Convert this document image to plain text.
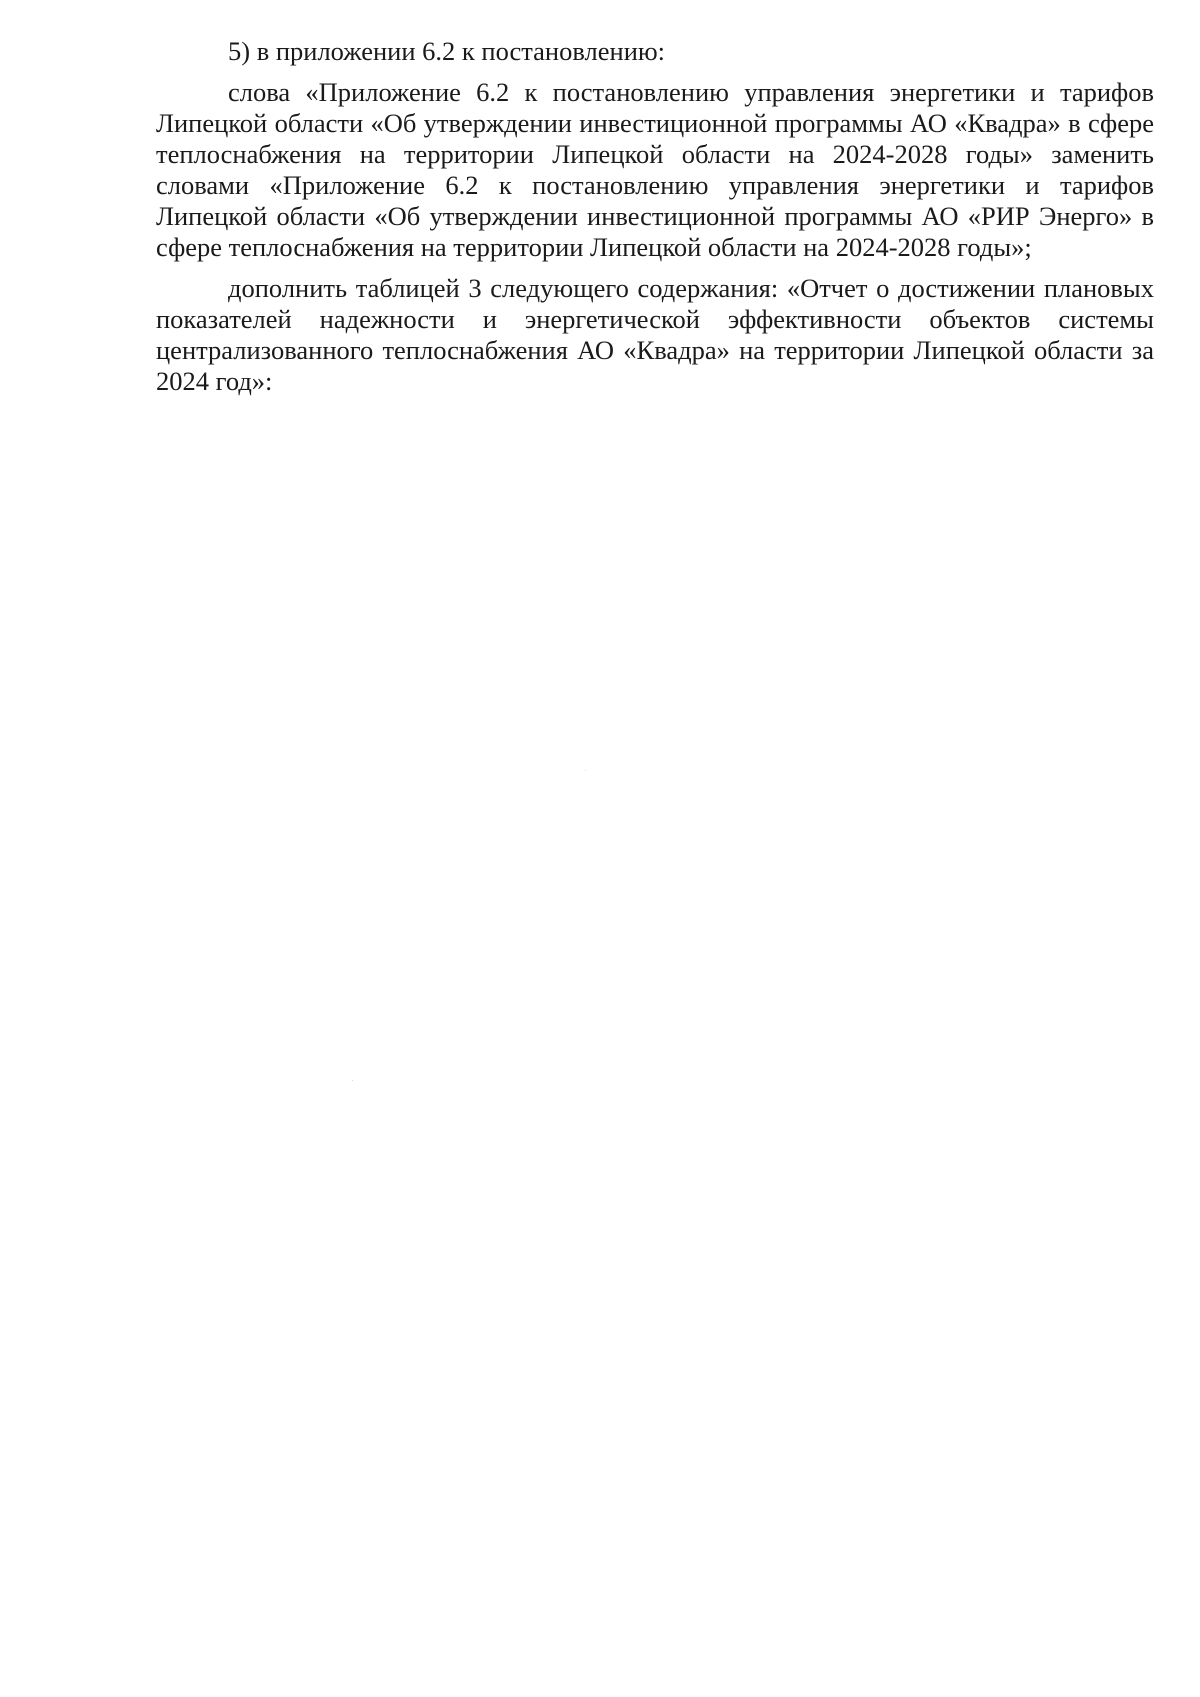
5) в приложении 6.2 к постановлению:

слова «Приложение 6.2 к постановлению управления энергетики и тарифов Липецкой области «Об утверждении инвестиционной программы АО «Квадра» в сфере теплоснабжения на территории Липецкой области на 2024-2028 годы» заменить словами «Приложение 6.2 к постановлению управления энергетики и тарифов Липецкой области «Об утверждении инвестиционной программы АО «РИР Энерго» в сфере теплоснабжения на территории Липецкой области на 2024-2028 годы»;

дополнить таблицей 3 следующего содержания: «Отчет о достижении плановых показателей надежности и энергетической эффективности объектов системы централизованного теплоснабжения АО «Квадра» на территории Липецкой области за 2024 год»:
